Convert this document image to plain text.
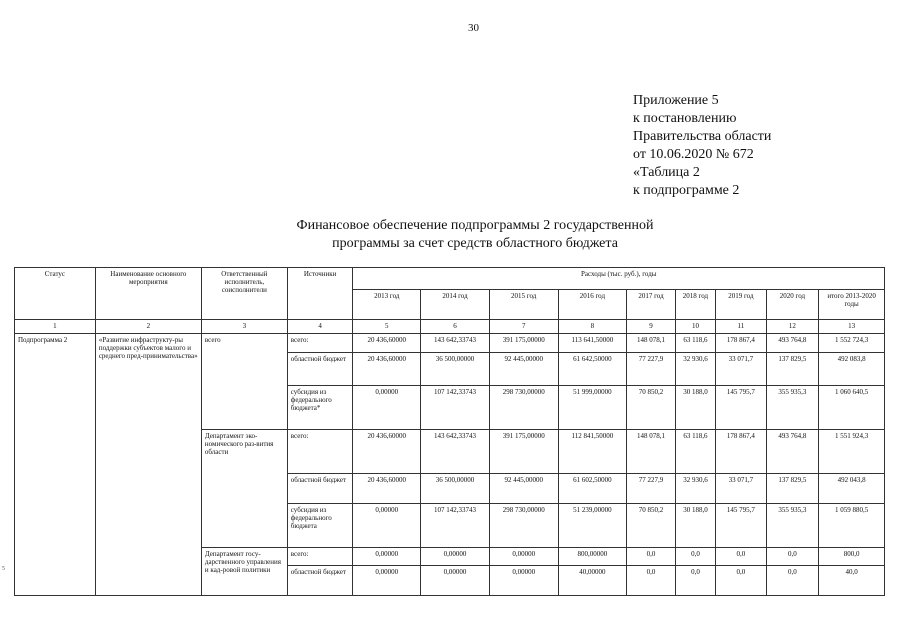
30
Приложение 5
к постановлению
Правительства области
от 10.06.2020 № 672
«Таблица 2
к подпрограмме 2
Финансовое обеспечение подпрограммы 2 государственной
программы за счет средств областного бюджета
5
Статус	Наименование основного мероприятия	Ответственный исполнитель, соисполнители	Источники	Расходы (тыс. руб.), годы								
				2013 год	2014 год	2015 год	2016 год	2017 год	2018 год	2019 год	2020 год	итого 2013-2020 годы
1	2	3	4	5	6	7	8	9	10	11	12	13
Подпрограмма 2	«Развитие инфраструкту-ры поддержки субъектов малого и среднего пред-принимательства»	всего	всего:	20 436,60000	143 642,33743	391 175,00000	113 641,50000	148 078,1	63 118,6	178 867,4	493 764,8	1 552 724,3
			областной бюджет	20 436,60000	36 500,00000	92 445,00000	61 642,50000	77 227,9	32 930,6	33 071,7	137 829,5	492 083,8
			субсидия из федерального бюджета*	0,00000	107 142,33743	298 730,00000	51 999,00000	70 850,2	30 188,0	145 795,7	355 935,3	1 060 640,5
		Департамент эко-номического раз-вития области	всего:	20 436,60000	143 642,33743	391 175,00000	112 841,50000	148 078,1	63 118,6	178 867,4	493 764,8	1 551 924,3
			областной бюджет	20 436,60000	36 500,00000	92 445,00000	61 602,50000	77 227,9	32 930,6	33 071,7	137 829,5	492 043,8
			субсидия из федерального бюджета	0,00000	107 142,33743	298 730,00000	51 239,00000	70 850,2	30 188,0	145 795,7	355 935,3	1 059 880,5
		Департамент госу-дарственного управления и кад-ровой политики	всего:	0,00000	0,00000	0,00000	800,00000	0,0	0,0	0,0	0,0	800,0
			областной бюджет	0,00000	0,00000	0,00000	40,00000	0,0	0,0	0,0	0,0	40,0
